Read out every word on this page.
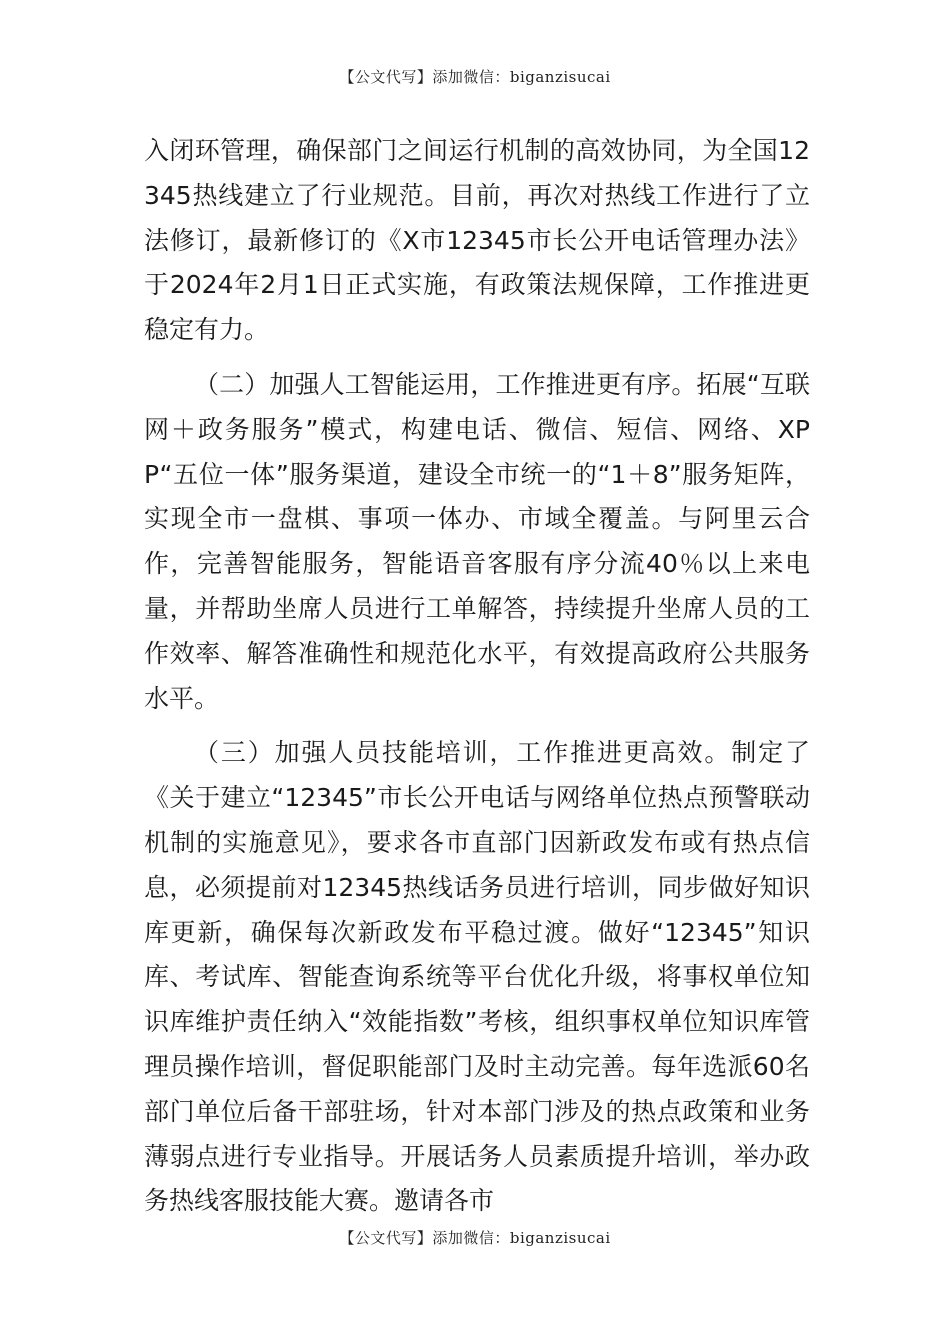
【公文代写】添加微信：biganzisucai

入闭环管理，确保部门之间运行机制的高效协同，为全国12345热线建立了行业规范。目前，再次对热线工作进行了立法修订，最新修订的《X市12345市长公开电话管理办法》于2024年2月1日正式实施，有政策法规保障，工作推进更稳定有力。

（二）加强人工智能运用，工作推进更有序。拓展“互联网＋政务服务”模式，构建电话、微信、短信、网络、XPP“五位一体”服务渠道，建设全市统一的“1＋8”服务矩阵，实现全市一盘棋、事项一体办、市域全覆盖。与阿里云合作，完善智能服务，智能语音客服有序分流40％以上来电量，并帮助坐席人员进行工单解答，持续提升坐席人员的工作效率、解答准确性和规范化水平，有效提高政府公共服务水平。

（三）加强人员技能培训，工作推进更高效。制定了《关于建立“12345”市长公开电话与网络单位热点预警联动机制的实施意见》，要求各市直部门因新政发布或有热点信息，必须提前对12345热线话务员进行培训，同步做好知识库更新，确保每次新政发布平稳过渡。做好“12345”知识库、考试库、智能查询系统等平台优化升级，将事权单位知识库维护责任纳入“效能指数”考核，组织事权单位知识库管理员操作培训，督促职能部门及时主动完善。每年选派60名部门单位后备干部驻场，针对本部门涉及的热点政策和业务薄弱点进行专业指导。开展话务人员素质提升培训，举办政务热线客服技能大赛。邀请各市

【公文代写】添加微信：biganzisucai
